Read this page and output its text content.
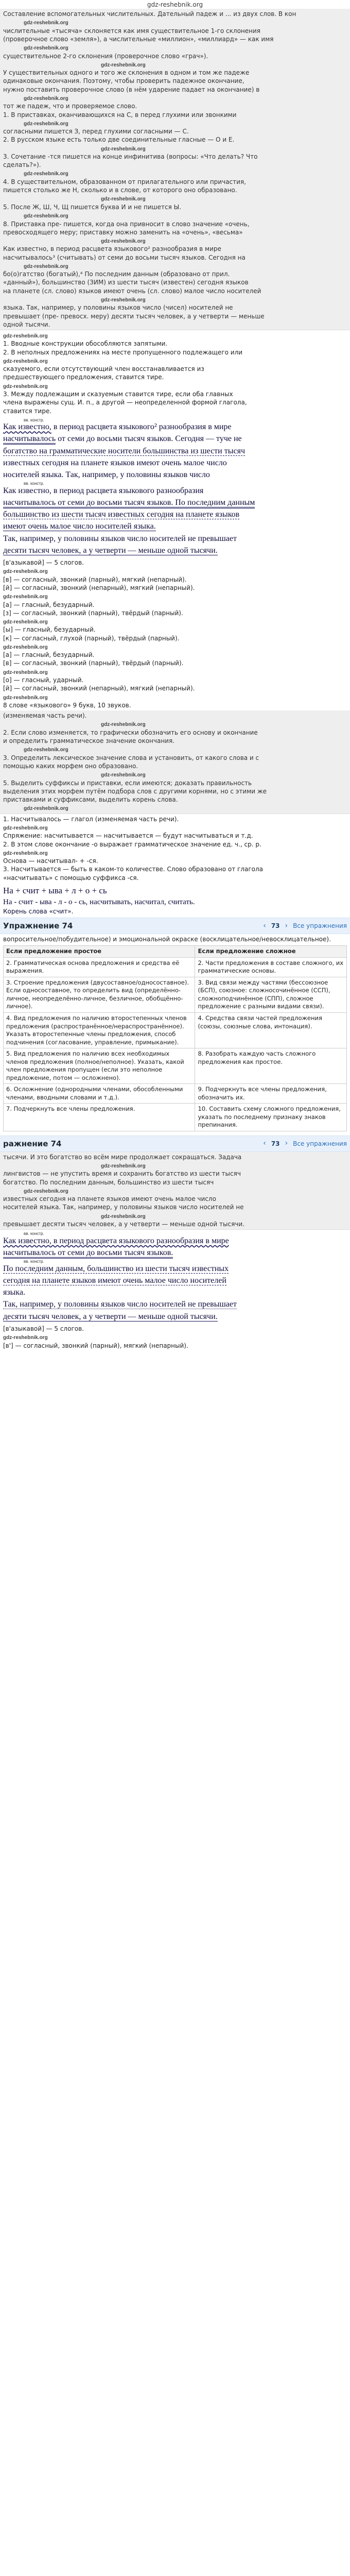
gdz-reshebnik.org

Составление вспомогательных числительных. Дательный падеж и ... из двух слов. В кон

gdz-reshebnik.org

числительные «тысяча» склоняется как имя существительное 1-го склонения

(проверочное слово «земля»), а числительные «миллион», «миллиард» — как имя

gdz-reshebnik.org

существительное 2-го склонения (проверочное слово «грач»).

gdz-reshebnik.org

У существительных одного и того же склонения в одном и том же падеже

одинаковые окончания. Поэтому, чтобы проверить падежное окончание,

нужно поставить проверочное слово (в нём ударение падает на окончание) в

gdz-reshebnik.org

тот же падеж, что и проверяемое слово.

1. В приставках, оканчивающихся на С, в перед глухими или звонкими

gdz-reshebnik.org

согласными пишется З, перед глухими согласными — С.

2. В русском языке есть только две соединительные гласные — О и Е.

gdz-reshebnik.org

3. Сочетание -тся пишется на конце инфинитива (вопросы: «Что делать? Что

сделать?»).

gdz-reshebnik.org

4. В существительном, образованном от прилагательного или причастия,

пишется столько же Н, сколько и в слове, от которого оно образовано.

gdz-reshebnik.org

5. После Ж, Ш, Ч, Щ пишется буква И и не пишется Ы.

gdz-reshebnik.org

8. Приставка пре- пишется, когда она привносит в слово значение «очень,

превосходящего меру; приставку можно заменить на «очень», «весьма»

gdz-reshebnik.org

Как известно, в период расцвета языкового² разнообразия в мире

насчитывалось³ (считывать) от семи до восьми тысяч языков. Сегодня на

gdz-reshebnik.org

бо(о)гатство (богатый),⁴ По последним данным (образовано от прил.

«данный»), большинство (ЗИМ) из шести тысяч (известен) сегодня языков

на планете (сл. слово) языков имеют очень (сл. слово) малое число носителей

gdz-reshebnik.org

языка. Так, например, у половины языков число (чисел) носителей не

превышает (пре- превосх. меру) десяти тысяч человек, а у четверти — меньше

одной тысячи.

gdz-reshebnik.org

1. Вводные конструкции обособляются запятыми.

2. В неполных предложениях на месте пропущенного подлежащего или

gdz-reshebnik.org

сказуемого, если отсутствующий член восстанавливается из

предшествующего предложения, ставится тире.

gdz-reshebnik.org

3. Между подлежащим и сказуемым ставится тире, если оба главных

члена выражены сущ. И. п., а другой — неопределенной формой глагола,

ставится тире.

вв. констр.

Как известно, в период расцвета языкового² разнообразия в мире

насчитывалось от семи до восьми тысяч языков. Сегодня — туче не

богатство на грамматические носители большинства из шести тысяч

известных сегодня на планете языков имеют очень малое число

носителей языка. Так, например, у половины языков число

вв. констр.

Как известно, в период расцвета языкового разнообразия

насчитывалось от семи до восьми тысяч языков. По последним данным

большинство из шести тысяч известных сегодня на планете языков

имеют очень малое число носителей языка.

Так, например, у половины языков число носителей не превышает

десяти тысяч человек, а у четверти — меньше одной тысячи.

[в'азыкавой] — 5 слогов.

gdz-reshebnik.org

[в] — согласный, звонкий (парный), мягкий (непарный).

[й] — согласный, звонкий (непарный), мягкий (непарный).

gdz-reshebnik.org

[а] — гласный, безударный.

[з] — согласный, звонкий (парный), твёрдый (парный).

gdz-reshebnik.org

[ы] — гласный, безударный.

[к] — согласный, глухой (парный), твёрдый (парный).

gdz-reshebnik.org

[а] — гласный, безударный.

[в] — согласный, звонкий (парный), твёрдый (парный).

gdz-reshebnik.org

[о] — гласный, ударный.

[й] — согласный, звонкий (непарный), мягкий (непарный).

gdz-reshebnik.org

8 слове «языкового» 9 букв, 10 звуков.

(изменяемая часть речи).

gdz-reshebnik.org

2. Если слово изменяется, то графически обозначить его основу и окончание

и определить грамматическое значение окончания.

gdz-reshebnik.org

3. Определить лексическое значение слова и установить, от какого слова и с

помощью каких морфем оно образовано.

gdz-reshebnik.org

5. Выделить суффиксы и приставки, если имеются; доказать правильность

выделения этих морфем путём подбора слов с другими корнями, но с этими же

приставками и суффиксами, выделить корень слова.

gdz-reshebnik.org

1. Насчитывалось — глагол (изменяемая часть речи).

gdz-reshebnik.org

Спряжение: насчитывается — насчитывается — будут насчитываться и т.д.

2. В этом слове окончание -о выражает грамматическое значение ед. ч., ср. р.

gdz-reshebnik.org

Основа — насчитывал- + -ся.

3. Насчитывается — быть в каком-то количестве. Слово образовано от глагола

«насчитывать» с помощью суффикса -ся.

На + счит + ыва + л + о + сь

На - счит - ыва - л - о - сь, насчитывать, насчитал, считать.

Корень слова «счит».

Упражнение 74	‹ 73 › Все упражнения

вопросительное/побудительное) и эмоциональной окраске (восклицательное/невосклицательное).

Если предложение простое	Если предложение сложное
2. Грамматическая основа предложения и средства её выражения.	2. Части предложения в составе сложного, их грамматические основы.
3. Строение предложения (двусоставное/односоставное). Если односоставное, то определить вид (определённо-личное, неопределённо-личное, безличное, обобщённо-личное).	3. Вид связи между частями (бессоюзное (БСП), союзное: сложносочинённое (ССП), сложноподчинённое (СПП), сложное предложение с разными видами связи).
4. Вид предложения по наличию второстепенных членов предложения (распространённое/нераспространённое). Указать второстепенные члены предложения, способ подчинения (согласование, управление, примыкание).	4. Средства связи частей предложения (союзы, союзные слова, интонация).
5. Вид предложения по наличию всех необходимых членов предложения (полное/неполное). Указать, какой член предложения пропущен (если это неполное предложение, потом — осложнено).	8. Разобрать каждую часть сложного предложения как простое.
6. Осложнение (однородными членами, обособленными членами, вводными словами и т.д.).	9. Подчеркнуть все члены предложения, обозначить их.
7. Подчеркнуть все члены предложения.	10. Составить схему сложного предложения, указать по последнему признаку знаков препинания.
ражнение 74	‹ 73 › Все упражнения

тысячи. И это богатство во всём мире продолжает сокращаться. Задача

gdz-reshebnik.org

лингвистов — не упустить время и сохранить богатство из шести тысяч

богатство. По последним данным, большинство из шести тысяч

gdz-reshebnik.org

известных сегодня на планете языков имеют очень малое число

носителей языка. Так, например, у половины языков число носителей не

gdz-reshebnik.org

превышает десяти тысяч человек, а у четверти — меньше одной тысячи.

вв. констр.

Как известно, в период расцвета языкового разнообразия в мире

насчитывалось от семи до восьми тысяч языков.

вв. констр.

По последним данным, большинство из шести тысяч известных

сегодня на планете языков имеют очень малое число носителей

языка.

Так, например, у половины языков число носителей не превышает

десяти тысяч человек, а у четверти — меньше одной тысячи.

[в'азыкавой] — 5 слогов.

gdz-reshebnik.org

[в'] — согласный, звонкий (парный), мягкий (непарный).
